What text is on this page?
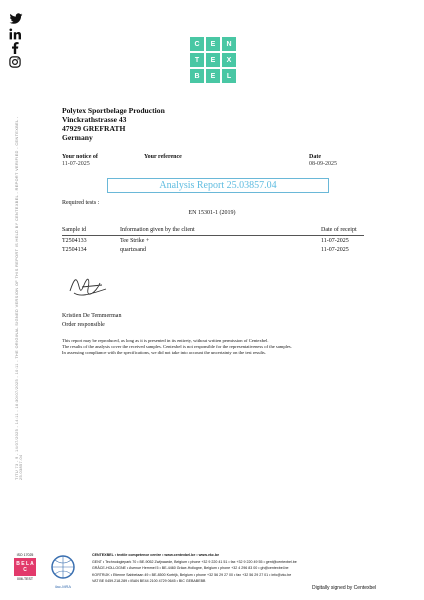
TITU 73 - 9 - 14/07/2025 - 14:11 - 16:30/07/2025 - 10:11 - THE ORIGINAL SIGNED VERSION OF THIS REPORT IS HELD BY CENTEXBEL - REPORT VERIFIED - CENTEXBEL - 25.03857.04
C	E	N
T	E	X
B	E	L
Polytex Sportbelage Production
Vinckrathstrasse 43
47929 GREFRATH
Germany
Your notice of
11-07-2025
Your reference	Date
08-09-2025
Analysis Report 25.03857.04
Required tests :
EN 15301-1 (2019)
Sample id	Information given by the client	Date of receipt
T2504133	Tee Strike +	11-07-2025
T2504134	quartzsand	11-07-2025
Kristien De Temmerman
Order responsible
This report may be reproduced, as long as it is presented in its entirety, without written permission of Centexbel.
The results of the analysis cover the received samples. Centexbel is not responsible for the representativeness of the samples.
In assessing compliance with the specifications, we did not take into account the uncertainty on the test results.
ISO 17025
B E L A C
006-TEST
ilac-MRA
CENTEXBEL • textile competence centre • www.centexbel.be • www.vkc.be
GENT • Technologiepark 70 • BE-9052 Zwijnaarde, Belgium • phone +32 9 220 41 51 • fax +32 9 220 49 55 • gent@centexbel.be
GRÂCE-HOLLOGNE • Avenue Hemmel 5 • BE-4460 Grâce-Hollogne, Belgium • phone +32 4 296 83 00 • gh@centexbel.be
KORTRIJK • Etienne Sabbelaan 49 • BE-8500 Kortrijk, Belgium • phone +32 56 29 27 00 • fax +32 56 29 27 01 • info@vkc.be
VAT BE 0459.218.289 • IBAN BE44 2100 4729 0645 • BIC GEBABEBB
Digitally signed by Centexbel
